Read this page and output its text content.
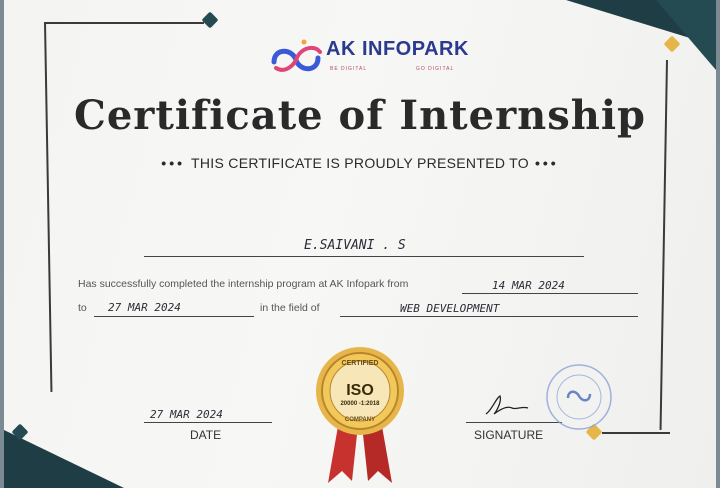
AK INFOPARK
BE DIGITAL	GO DIGITAL
Certificate of Internship
••• THIS CERTIFICATE IS PROUDLY PRESENTED TO •••
E.SAIVANI . S
Has successfully completed the internship program at AK Infopark from	14 MAR 2024
to 27 MAR 2024	in the field of	WEB DEVELOPMENT
27 MAR 2024
DATE	SIGNATURE
CERTIFIED
ISO
20000 -1:2018
COMPANY
